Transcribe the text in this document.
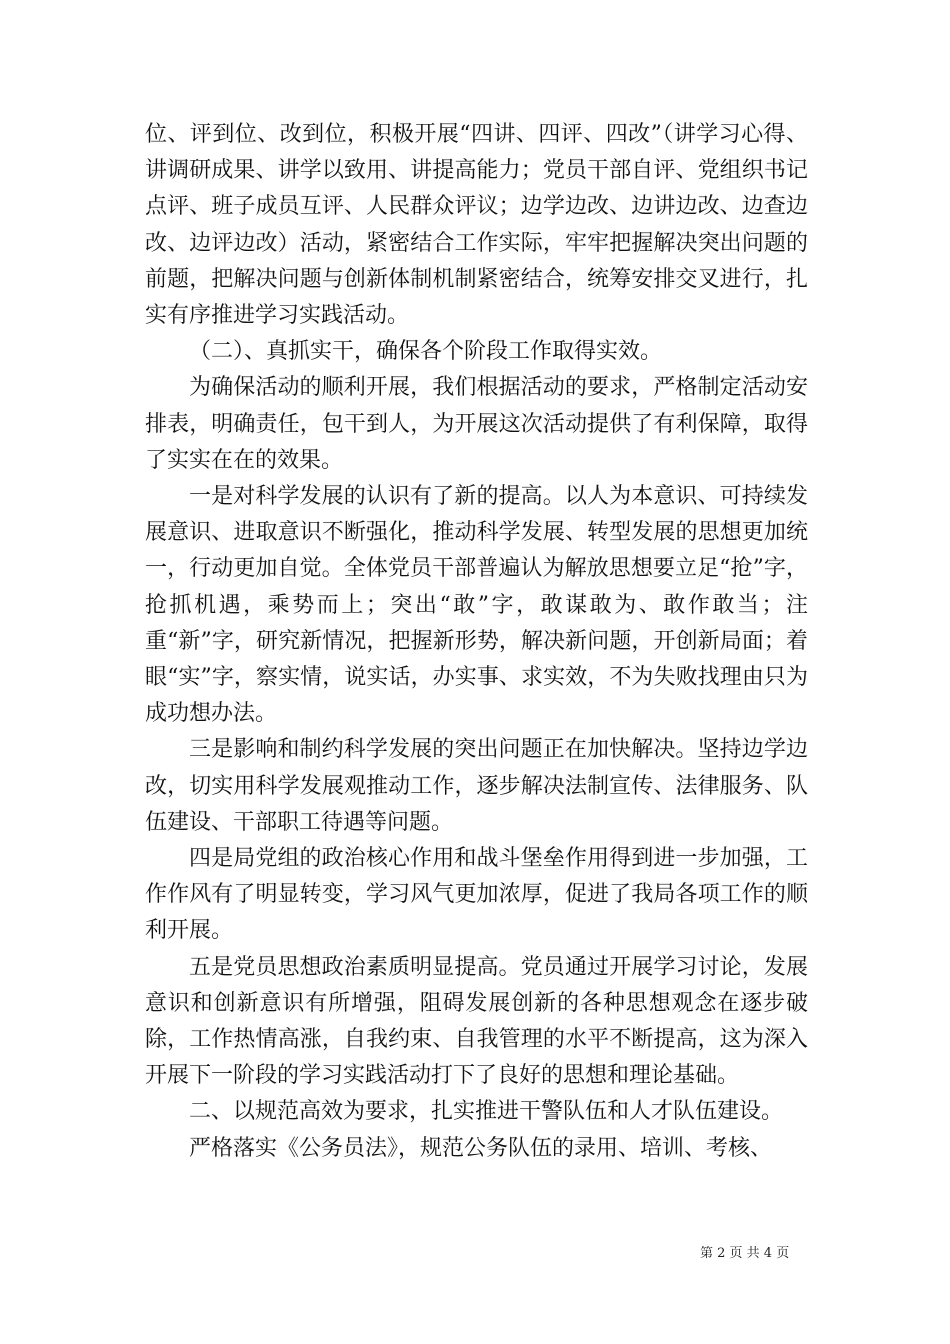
位、评到位、改到位，积极开展“四讲、四评、四改”（讲学习心得、讲调研成果、讲学以致用、讲提高能力；党员干部自评、党组织书记点评、班子成员互评、人民群众评议；边学边改、边讲边改、边查边改、边评边改）活动，紧密结合工作实际，牢牢把握解决突出问题的前题，把解决问题与创新体制机制紧密结合，统筹安排交叉进行，扎实有序推进学习实践活动。

（二）、真抓实干，确保各个阶段工作取得实效。

为确保活动的顺利开展，我们根据活动的要求，严格制定活动安排表，明确责任，包干到人，为开展这次活动提供了有利保障，取得了实实在在的效果。

一是对科学发展的认识有了新的提高。以人为本意识、可持续发展意识、进取意识不断强化，推动科学发展、转型发展的思想更加统一，行动更加自觉。全体党员干部普遍认为解放思想要立足“抢”字，抢抓机遇，乘势而上；突出“敢”字，敢谋敢为、敢作敢当；注重“新”字，研究新情况，把握新形势，解决新问题，开创新局面；着眼“实”字，察实情，说实话，办实事、求实效，不为失败找理由只为成功想办法。

三是影响和制约科学发展的突出问题正在加快解决。坚持边学边改，切实用科学发展观推动工作，逐步解决法制宣传、法律服务、队伍建设、干部职工待遇等问题。

四是局党组的政治核心作用和战斗堡垒作用得到进一步加强，工作作风有了明显转变，学习风气更加浓厚，促进了我局各项工作的顺利开展。

五是党员思想政治素质明显提高。党员通过开展学习讨论，发展意识和创新意识有所增强，阻碍发展创新的各种思想观念在逐步破除，工作热情高涨，自我约束、自我管理的水平不断提高，这为深入开展下一阶段的学习实践活动打下了良好的思想和理论基础。

二、以规范高效为要求，扎实推进干警队伍和人才队伍建设。

严格落实《公务员法》，规范公务队伍的录用、培训、考核、

第 2 页 共 4 页
